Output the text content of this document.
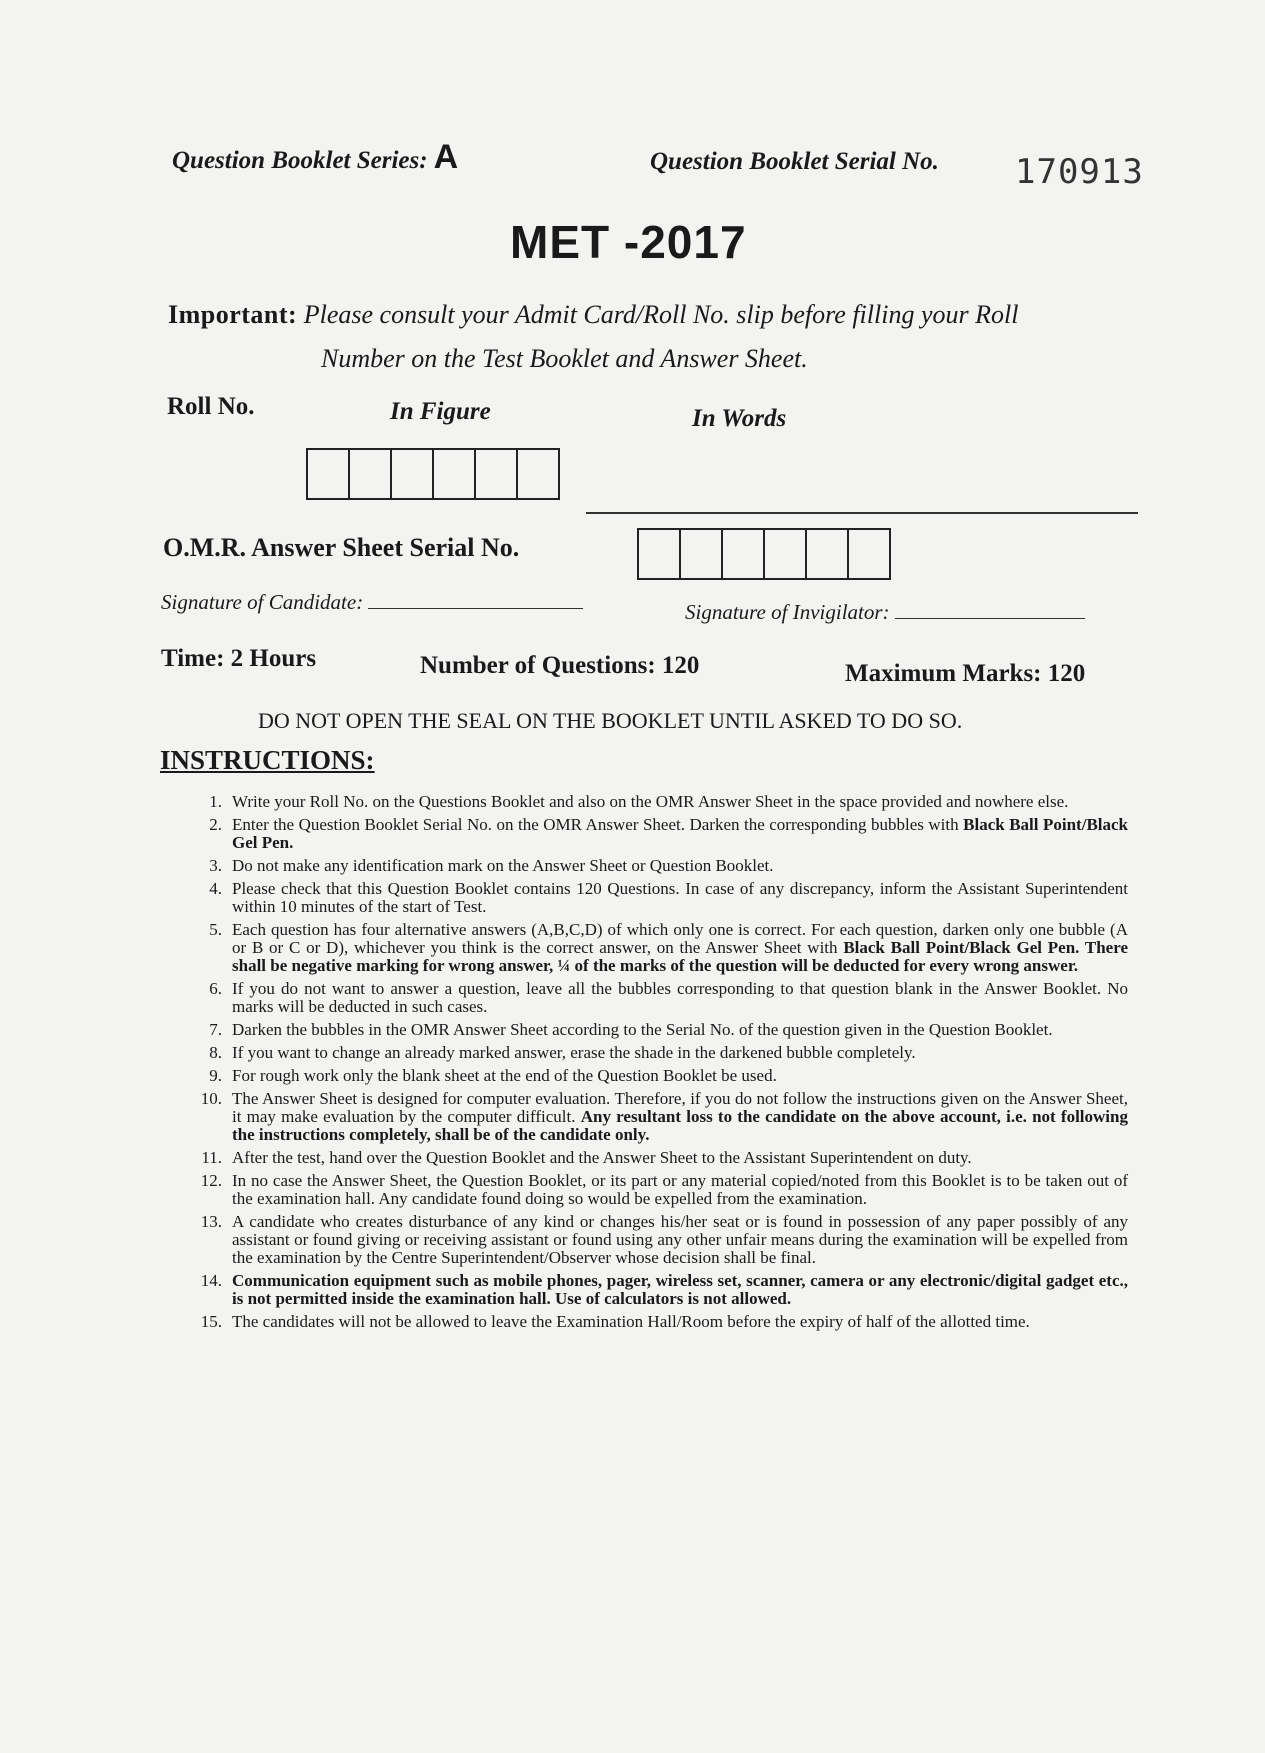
Question Booklet Series: A	Question Booklet Serial No. 170913
MET -2017
Important: Please consult your Admit Card/Roll No. slip before filling your Roll
Number on the Test Booklet and Answer Sheet.
Roll No.	In Figure	In Words
O.M.R. Answer Sheet Serial No.
Signature of Candidate:	Signature of Invigilator:
Time: 2 Hours	Number of Questions: 120	Maximum Marks: 120
DO NOT OPEN THE SEAL ON THE BOOKLET UNTIL ASKED TO DO SO.
INSTRUCTIONS:
1. Write your Roll No. on the Questions Booklet and also on the OMR Answer Sheet in the space provided and nowhere else.
2. Enter the Question Booklet Serial No. on the OMR Answer Sheet. Darken the corresponding bubbles with Black Ball Point/Black Gel Pen.
3. Do not make any identification mark on the Answer Sheet or Question Booklet.
4. Please check that this Question Booklet contains 120 Questions. In case of any discrepancy, inform the Assistant Superintendent within 10 minutes of the start of Test.
5. Each question has four alternative answers (A,B,C,D) of which only one is correct. For each question, darken only one bubble (A or B or C or D), whichever you think is the correct answer, on the Answer Sheet with Black Ball Point/Black Gel Pen. There shall be negative marking for wrong answer, ¼ of the marks of the question will be deducted for every wrong answer.
6. If you do not want to answer a question, leave all the bubbles corresponding to that question blank in the Answer Booklet. No marks will be deducted in such cases.
7. Darken the bubbles in the OMR Answer Sheet according to the Serial No. of the question given in the Question Booklet.
8. If you want to change an already marked answer, erase the shade in the darkened bubble completely.
9. For rough work only the blank sheet at the end of the Question Booklet be used.
10. The Answer Sheet is designed for computer evaluation. Therefore, if you do not follow the instructions given on the Answer Sheet, it may make evaluation by the computer difficult. Any resultant loss to the candidate on the above account, i.e. not following the instructions completely, shall be of the candidate only.
11. After the test, hand over the Question Booklet and the Answer Sheet to the Assistant Superintendent on duty.
12. In no case the Answer Sheet, the Question Booklet, or its part or any material copied/noted from this Booklet is to be taken out of the examination hall. Any candidate found doing so would be expelled from the examination.
13. A candidate who creates disturbance of any kind or changes his/her seat or is found in possession of any paper possibly of any assistant or found giving or receiving assistant or found using any other unfair means during the examination will be expelled from the examination by the Centre Superintendent/Observer whose decision shall be final.
14. Communication equipment such as mobile phones, pager, wireless set, scanner, camera or any electronic/digital gadget etc., is not permitted inside the examination hall. Use of calculators is not allowed.
15. The candidates will not be allowed to leave the Examination Hall/Room before the expiry of half of the allotted time.
